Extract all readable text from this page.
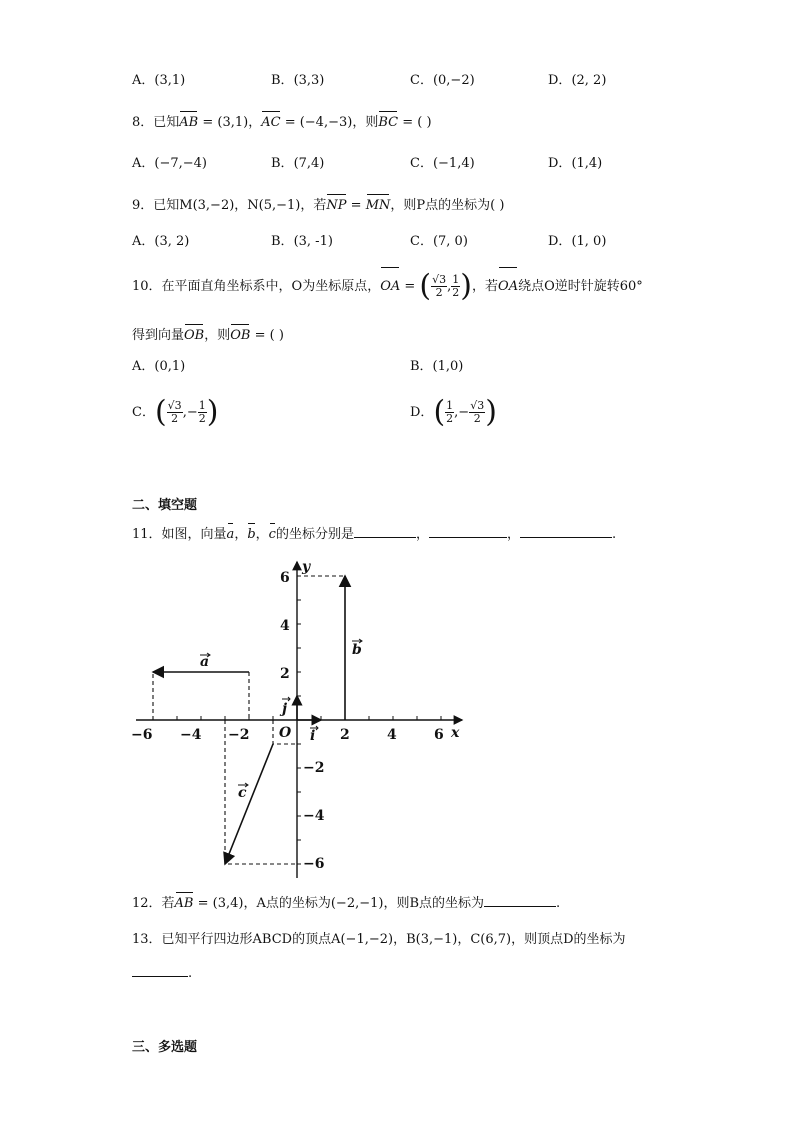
A．(3,1)	B．(3,3)	C．(0,−2)	D．(2, 2)
8．已知AB = (3,1)，AC = (−4,−3)，则BC = ( )
A．(−7,−4)	B．(7,4)	C．(−1,4)	D．(1,4)
9．已知M(3,−2)，N(5,−1)，若NP = MN，则P点的坐标为( )
A．(3, 2)	B．(3, -1)	C．(7, 0)	D．(1, 0)
10．在平面直角坐标系中，O为坐标原点，OA = ( $\frac{√3}{2}$ , $\frac{1}{2}$ )，若OA绕点O逆时针旋转60°
得到向量OB，则OB = ( )
A．(0,1)	B．(1,0)
C．( $\frac{√3}{2}$ ,− $\frac{1}{2}$ )	D．( $\frac{1}{2}$ ,− $\frac{√3}{2}$ )
二、填空题
11．如图，向量a，b，c的坐标分别是	，	，	.
−6 −4 −2	2	4	6
6
4
2
−2
−4
−6
x
y
O
a
b
c
i
j
12．若AB = (3,4)，A点的坐标为(−2,−1)，则B点的坐标为	.
13．已知平行四边形ABCD的顶点A(−1,−2)，B(3,−1)，C(6,7)，则顶点D的坐标为
.
三、多选题
